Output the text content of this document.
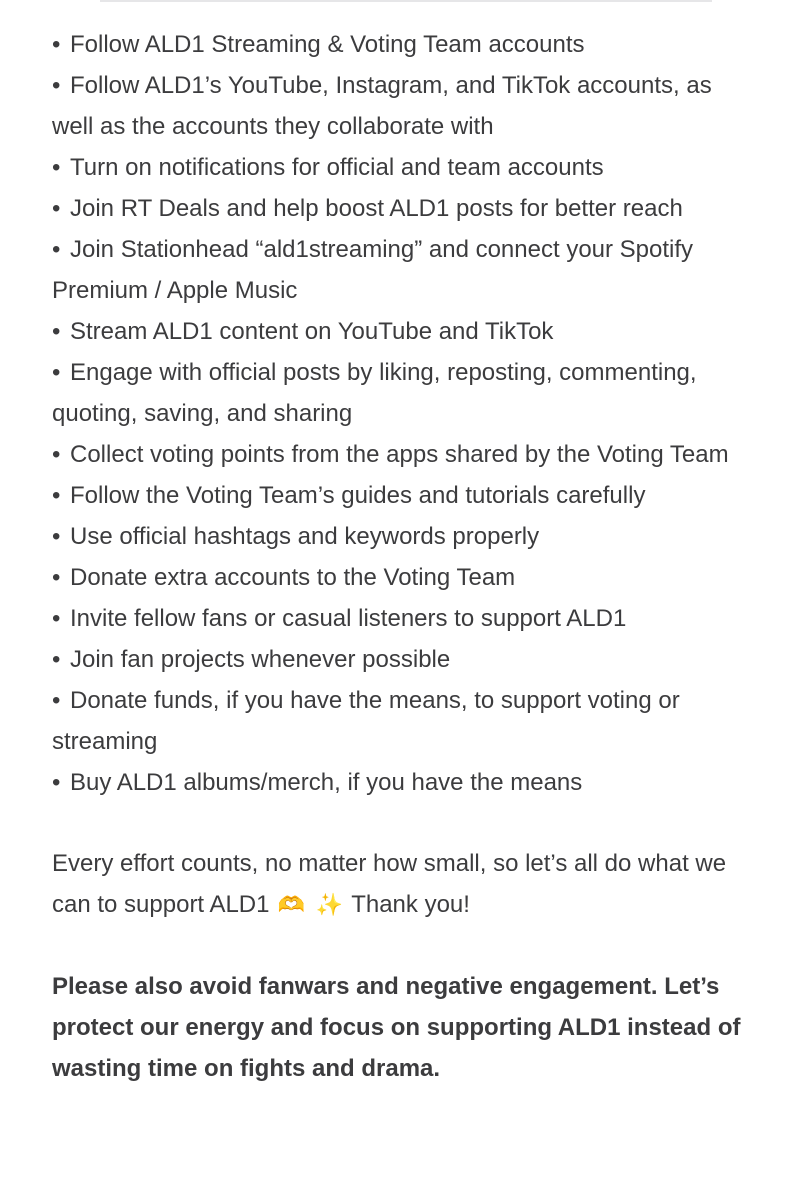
• Follow ALD1 Streaming & Voting Team accounts
• Follow ALD1’s YouTube, Instagram, and TikTok accounts, as well as the accounts they collaborate with
• Turn on notifications for official and team accounts
• Join RT Deals and help boost ALD1 posts for better reach
• Join Stationhead “ald1streaming” and connect your Spotify Premium / Apple Music
• Stream ALD1 content on YouTube and TikTok
• Engage with official posts by liking, reposting, commenting, quoting, saving, and sharing
• Collect voting points from the apps shared by the Voting Team
• Follow the Voting Team’s guides and tutorials carefully
• Use official hashtags and keywords properly
• Donate extra accounts to the Voting Team
• Invite fellow fans or casual listeners to support ALD1
• Join fan projects whenever possible
• Donate funds, if you have the means, to support voting or streaming
• Buy ALD1 albums/merch, if you have the means

Every effort counts, no matter how small, so let’s all do what we can to support ALD1 🫶 ✨ Thank you!

Please also avoid fanwars and negative engagement. Let’s protect our energy and focus on supporting ALD1 instead of wasting time on fights and drama.
